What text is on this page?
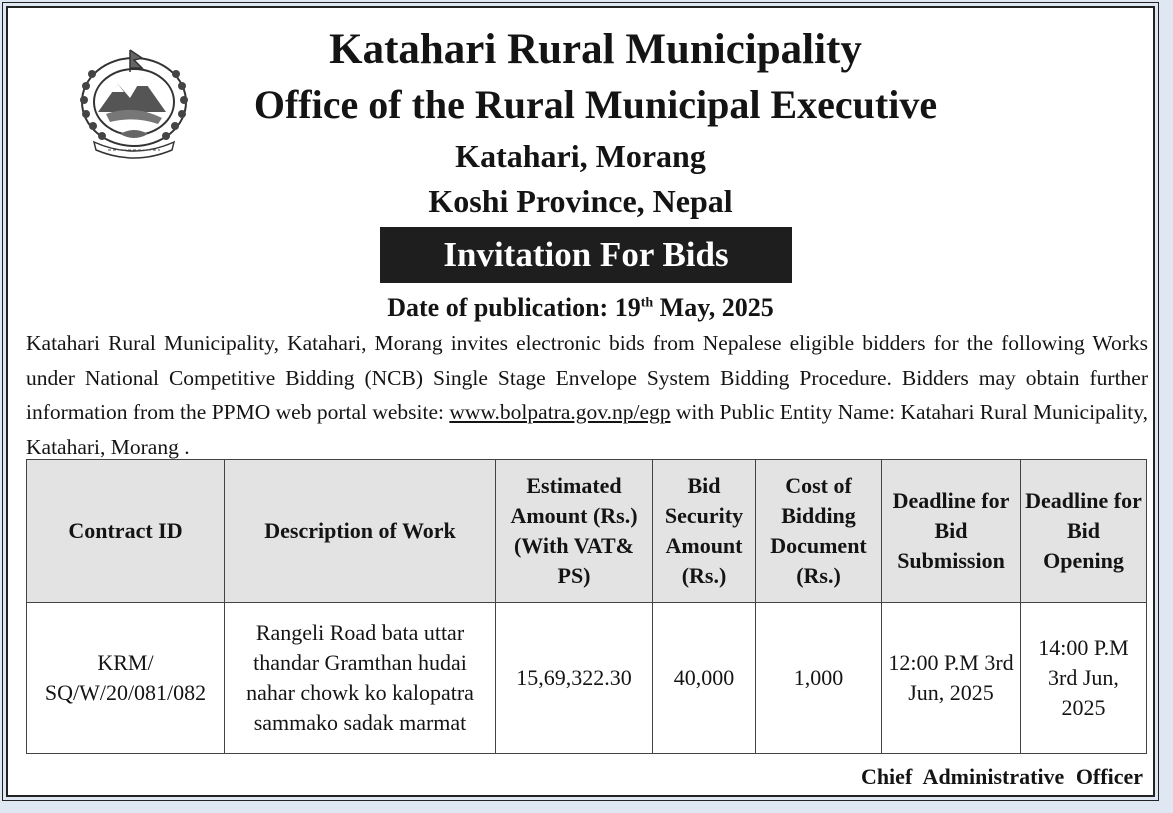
Katahari Rural Municipality
Office of the Rural Municipal Executive
Katahari, Morang
Koshi Province, Nepal
Invitation For Bids
Date of publication: 19th May, 2025
Katahari Rural Municipality, Katahari, Morang invites electronic bids from Nepalese eligible bidders for the following Works under National Competitive Bidding (NCB) Single Stage Envelope System Bidding Procedure. Bidders may obtain further information from the PPMO web portal website: www.bolpatra.gov.np/egp with Public Entity Name: Katahari Rural Municipality, Katahari, Morang .
Contract ID	Description of Work	Estimated Amount (Rs.) (With VAT& PS)	Bid Security Amount (Rs.)	Cost of Bidding Document (Rs.)	Deadline for Bid Submission	Deadline for Bid Opening
KRM/ SQ/W/20/081/082	Rangeli Road bata uttar thandar Gramthan hudai nahar chowk ko kalopatra sammako sadak marmat	15,69,322.30	40,000	1,000	12:00 P.M 3rd Jun, 2025	14:00 P.M 3rd Jun, 2025
Chief Administrative Officer
